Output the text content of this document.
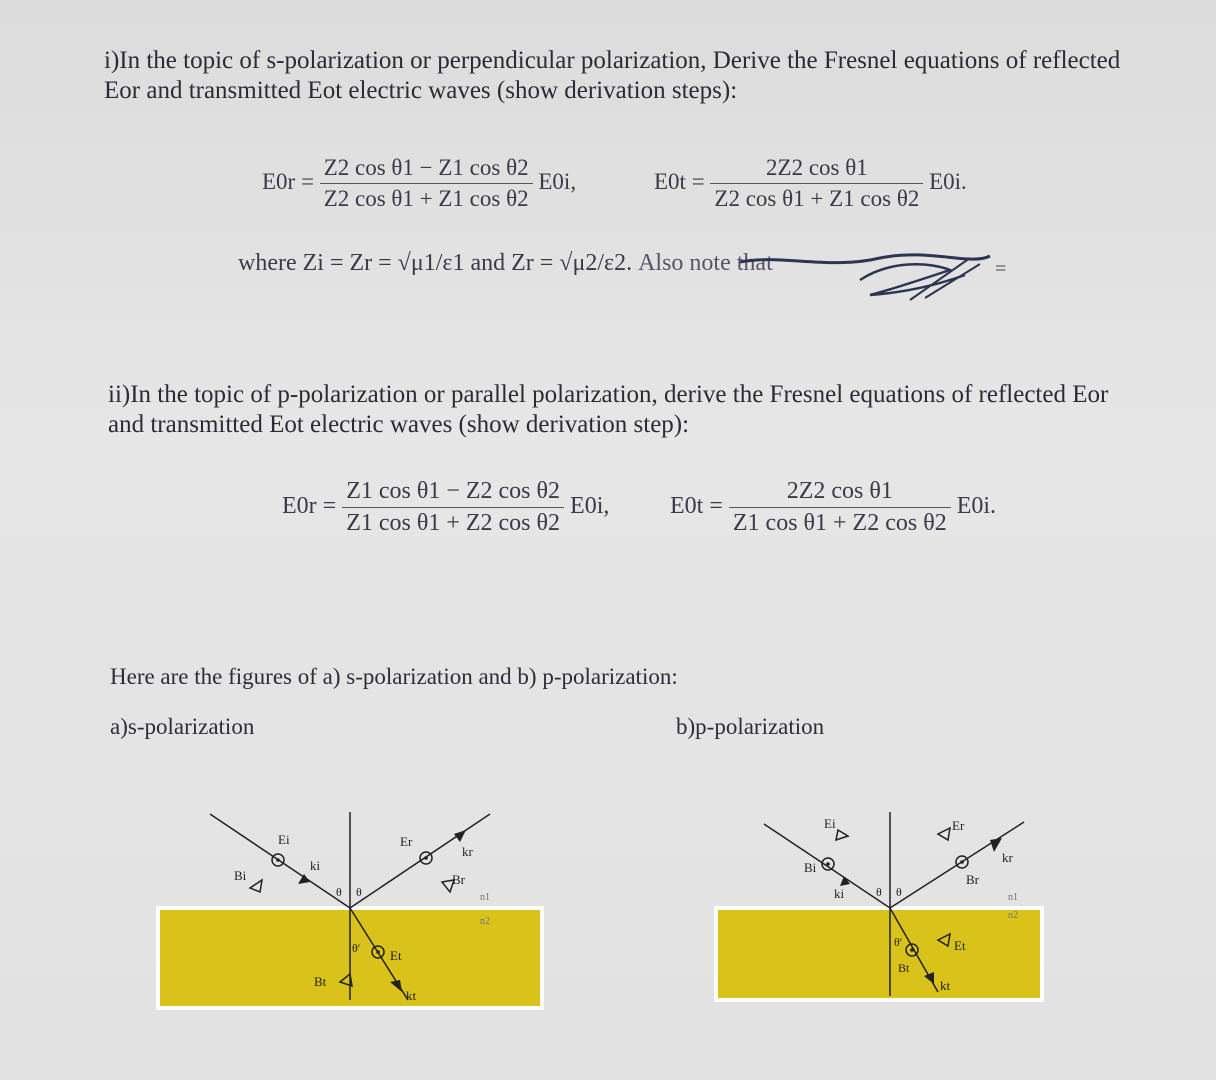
i)In the topic of s-polarization or perpendicular polarization, Derive the Fresnel equations of reflected
Eor and transmitted Eot electric waves (show derivation steps):
$E0r = \frac{\text{Z2 cos θ1 − Z1 cos θ2}}{\text{Z2 cos θ1 + Z1 cos θ2}} E0i$,	$E0t = \frac{\text{2Z2 cos θ1}}{\text{Z2 cos θ1 + Z1 cos θ2}} E0i$.
where Zi = Zr = √μ1/ε1 and Zr = √μ2/ε2. Also note that	=
ii)In the topic of p-polarization or parallel polarization, derive the Fresnel equations of reflected Eor
and transmitted Eot electric waves (show derivation step):
$E0r = \frac{\text{Z1 cos θ1 − Z2 cos θ2}}{\text{Z1 cos θ1 + Z2 cos θ2}} E0i$,	$E0t = \frac{\text{2Z2 cos θ1}}{\text{Z1 cos θ1 + Z2 cos θ2}} E0i$.
Here are the figures of a) s-polarization and b) p-polarization:
a)s-polarization	b)p-polarization
Ei
ki
Bi
Er
kr
Br
Et
kt
Bt
θ θ
θ'
n1
n2
Ei
Bi
ki
Er
Br
kr
Et
Bt
kt
θ θ
θ'
n1
n2
